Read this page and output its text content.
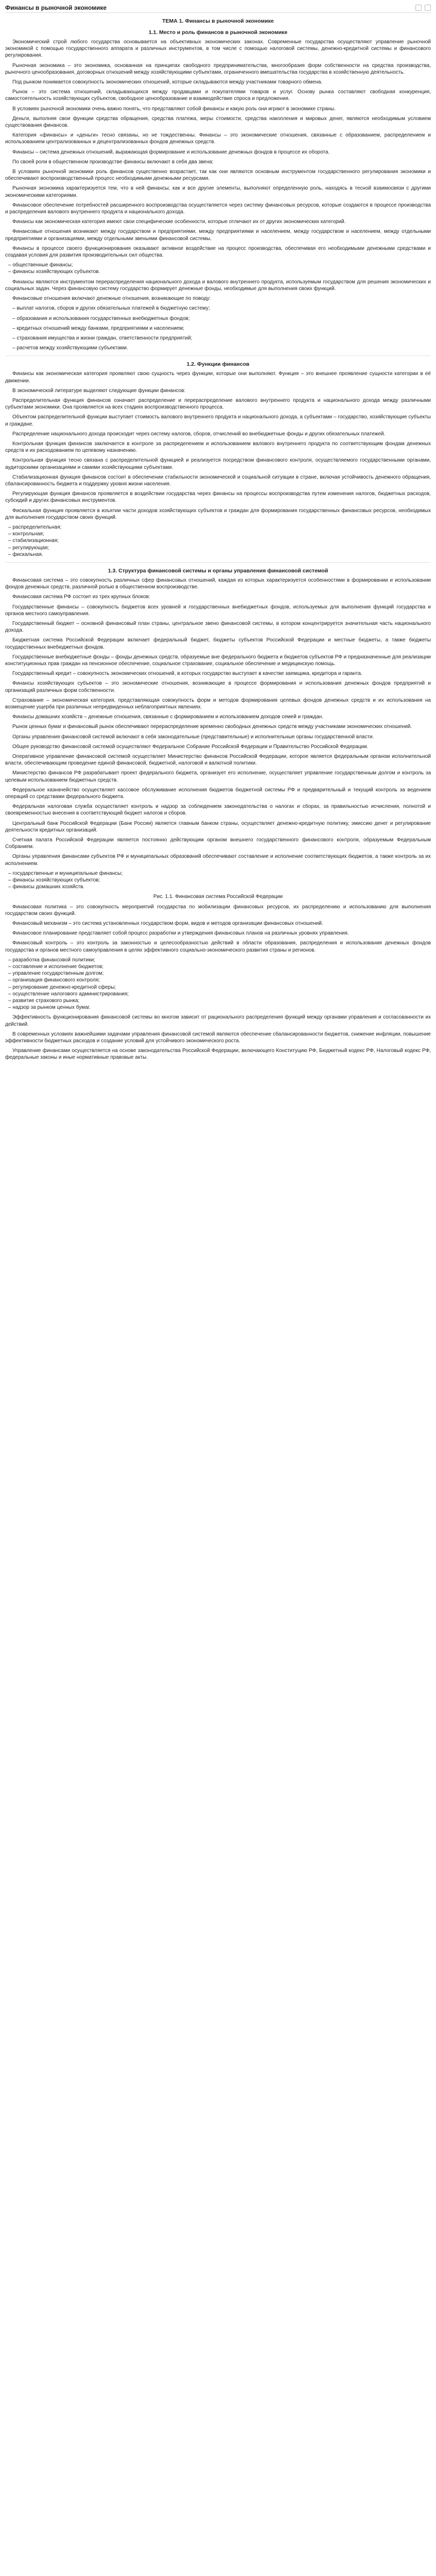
Финансы в рыночной экономике
ТЕМА 1. Финансы в рыночной экономике
1.1. Место и роль финансов в рыночной экономике

Экономический строй любого государства основывается на объективных экономических законах. Современные государства осуществляют управление рыночной экономикой с помощью государственного аппарата и различных инструментов, в том числе с помощью налоговой системы, денежно-кредитной системы и финансового регулирования.

Рыночная экономика – это экономика, основанная на принципах свободного предпринимательства, многообразия форм собственности на средства производства, рыночного ценообразования, договорных отношений между хозяйствующими субъектами, ограниченного вмешательства государства в хозяйственную деятельность.

Под рынком понимается совокупность экономических отношений, которые складываются между участниками товарного обмена.

Рынок – это система отношений, складывающихся между продавцами и покупателями товаров и услуг. Основу рынка составляют свободная конкуренция, самостоятельность хозяйствующих субъектов, свободное ценообразование и взаимодействие спроса и предложения.

В условиях рыночной экономики очень важно понять, что представляют собой финансы и какую роль они играют в экономике страны.

Деньги, выполняя свои функции средства обращения, средства платежа, меры стоимости, средства накопления и мировых денег, являются необходимым условием существования финансов.

Категория «финансы» и «деньги» тесно связаны, но не тождественны. Финансы – это экономические отношения, связанные с образованием, распределением и использованием централизованных и децентрализованных фондов денежных средств.

Финансы – система денежных отношений, выражающая формирование и использование денежных фондов в процессе их оборота.

По своей роли в общественном производстве финансы включают в себя два звена:

В условиях рыночной экономики роль финансов существенно возрастает, так как они являются основным инструментом государственного регулирования экономики и обеспечивают воспроизводственный процесс необходимыми денежными ресурсами.

Рыночная экономика характеризуется тем, что в ней финансы, как и все другие элементы, выполняют определенную роль, находясь в тесной взаимосвязи с другими экономическими категориями.

Финансовое обеспечение потребностей расширенного воспроизводства осуществляется через систему финансовых ресурсов, которые создаются в процессе производства и распределения валового внутреннего продукта и национального дохода.

Финансы как экономическая категория имеют свои специфические особенности, которые отличают их от других экономических категорий.

Финансовые отношения возникают между государством и предприятиями, между предприятиями и населением, между государством и населением, между отдельными предприятиями и организациями, между отдельными звеньями финансовой системы.

Финансы в процессе своего функционирования оказывают активное воздействие на процесс производства, обеспечивая его необходимыми денежными средствами и создавая условия для развития производительных сил общества.

– общественные финансы;
– финансы хозяйствующих субъектов.

Финансы являются инструментом перераспределения национального дохода и валового внутреннего продукта, используемым государством для решения экономических и социальных задач. Через финансовую систему государство формирует денежные фонды, необходимые для выполнения своих функций.

Финансовые отношения включают денежные отношения, возникающие по поводу:

– выплат налогов, сборов и других обязательных платежей в бюджетную систему;

– образования и использования государственных внебюджетных фондов;

– кредитных отношений между банками, предприятиями и населением;

– страхования имущества и жизни граждан, ответственности предприятий;

– расчетов между хозяйствующими субъектами.

1.2. Функции финансов

Финансы как экономическая категория проявляют свою сущность через функции, которые они выполняют. Функция – это внешнее проявление сущности категории в её движении.

В экономической литературе выделяют следующие функции финансов:

Распределительная функция финансов означает распределение и перераспределение валового внутреннего продукта и национального дохода между различными субъектами экономики. Она проявляется на всех стадиях воспроизводственного процесса.

Объектом распределительной функции выступает стоимость валового внутреннего продукта и национального дохода, а субъектами – государство, хозяйствующие субъекты и граждане.

Распределение национального дохода происходит через систему налогов, сборов, отчислений во внебюджетные фонды и других обязательных платежей.

Контрольная функция финансов заключается в контроле за распределением и использованием валового внутреннего продукта по соответствующим фондам денежных средств и их расходованием по целевому назначению.

Контрольная функция тесно связана с распределительной функцией и реализуется посредством финансового контроля, осуществляемого государственными органами, аудиторскими организациями и самими хозяйствующими субъектами.

Стабилизационная функция финансов состоит в обеспечении стабильности экономической и социальной ситуации в стране, включая устойчивость денежного обращения, сбалансированность бюджета и поддержку уровня жизни населения.

Регулирующая функция финансов проявляется в воздействии государства через финансы на процессы воспроизводства путем изменения налогов, бюджетных расходов, субсидий и других финансовых инструментов.

Фискальная функция проявляется в изъятии части доходов хозяйствующих субъектов и граждан для формирования государственных финансовых ресурсов, необходимых для выполнения государством своих функций.

– распределительная;
– контрольная;
– стабилизационная;
– регулирующая;
– фискальная.
1.3. Структура финансовой системы и органы управления финансовой системой

Финансовая система – это совокупность различных сфер финансовых отношений, каждая из которых характеризуется особенностями в формировании и использовании фондов денежных средств, различной ролью в общественном воспроизводстве.

Финансовая система РФ состоит из трех крупных блоков:

Государственные финансы – совокупность бюджетов всех уровней и государственных внебюджетных фондов, используемых для выполнения функций государства и органов местного самоуправления.

Государственный бюджет – основной финансовый план страны, центральное звено финансовой системы, в котором концентрируется значительная часть национального дохода.

Бюджетная система Российской Федерации включает федеральный бюджет, бюджеты субъектов Российской Федерации и местные бюджеты, а также бюджеты государственных внебюджетных фондов.

Государственные внебюджетные фонды – фонды денежных средств, образуемые вне федерального бюджета и бюджетов субъектов РФ и предназначенные для реализации конституционных прав граждан на пенсионное обеспечение, социальное страхование, социальное обеспечение и медицинскую помощь.

Государственный кредит – совокупность экономических отношений, в которых государство выступает в качестве заемщика, кредитора и гаранта.

Финансы хозяйствующих субъектов – это экономические отношения, возникающие в процессе формирования и использования денежных фондов предприятий и организаций различных форм собственности.

Страхование – экономическая категория, представляющая совокупность форм и методов формирования целевых фондов денежных средств и их использования на возмещение ущерба при различных непредвиденных неблагоприятных явлениях.

Финансы домашних хозяйств – денежные отношения, связанные с формированием и использованием доходов семей и граждан.

Рынок ценных бумаг и финансовый рынок обеспечивают перераспределение временно свободных денежных средств между участниками экономических отношений.

Органы управления финансовой системой включают в себя законодательные (представительные) и исполнительные органы государственной власти.

Общее руководство финансовой системой осуществляют Федеральное Собрание Российской Федерации и Правительство Российской Федерации.

Оперативное управление финансовой системой осуществляет Министерство финансов Российской Федерации, которое является федеральным органом исполнительной власти, обеспечивающим проведение единой финансовой, бюджетной, налоговой и валютной политики.

Министерство финансов РФ разрабатывает проект федерального бюджета, организует его исполнение, осуществляет управление государственным долгом и контроль за целевым использованием бюджетных средств.

Федеральное казначейство осуществляет кассовое обслуживание исполнения бюджетов бюджетной системы РФ и предварительный и текущий контроль за ведением операций со средствами федерального бюджета.

Федеральная налоговая служба осуществляет контроль и надзор за соблюдением законодательства о налогах и сборах, за правильностью исчисления, полнотой и своевременностью внесения в соответствующий бюджет налогов и сборов.

Центральный банк Российской Федерации (Банк России) является главным банком страны, осуществляет денежно-кредитную политику, эмиссию денег и регулирование деятельности кредитных организаций.

Счетная палата Российской Федерации является постоянно действующим органом внешнего государственного финансового контроля, образуемым Федеральным Собранием.

Органы управления финансами субъектов РФ и муниципальных образований обеспечивают составление и исполнение соответствующих бюджетов, а также контроль за их исполнением.

– государственные и муниципальные финансы;
– финансы хозяйствующих субъектов;
– финансы домашних хозяйств.
Рис. 1.1. Финансовая система Российской Федерации

Финансовая политика – это совокупность мероприятий государства по мобилизации финансовых ресурсов, их распределению и использованию для выполнения государством своих функций.

Финансовый механизм – это система установленных государством форм, видов и методов организации финансовых отношений.

Финансовое планирование представляет собой процесс разработки и утверждения финансовых планов на различных уровнях управления.

Финансовый контроль – это контроль за законностью и целесообразностью действий в области образования, распределения и использования денежных фондов государства и органов местного самоуправления в целях эффективного социально-экономического развития страны и регионов.

– разработка финансовой политики;
– составление и исполнение бюджетов;
– управление государственным долгом;
– организация финансового контроля;
– регулирование денежно-кредитной сферы;
– осуществление налогового администрирования;
– развитие страхового рынка;
– надзор за рынком ценных бумаг.

Эффективность функционирования финансовой системы во многом зависит от рационального распределения функций между органами управления и согласованности их действий.

В современных условиях важнейшими задачами управления финансовой системой являются обеспечение сбалансированности бюджетов, снижение инфляции, повышение эффективности бюджетных расходов и создание условий для устойчивого экономического роста.

Управление финансами осуществляется на основе законодательства Российской Федерации, включающего Конституцию РФ, Бюджетный кодекс РФ, Налоговый кодекс РФ, федеральные законы и иные нормативные правовые акты.
